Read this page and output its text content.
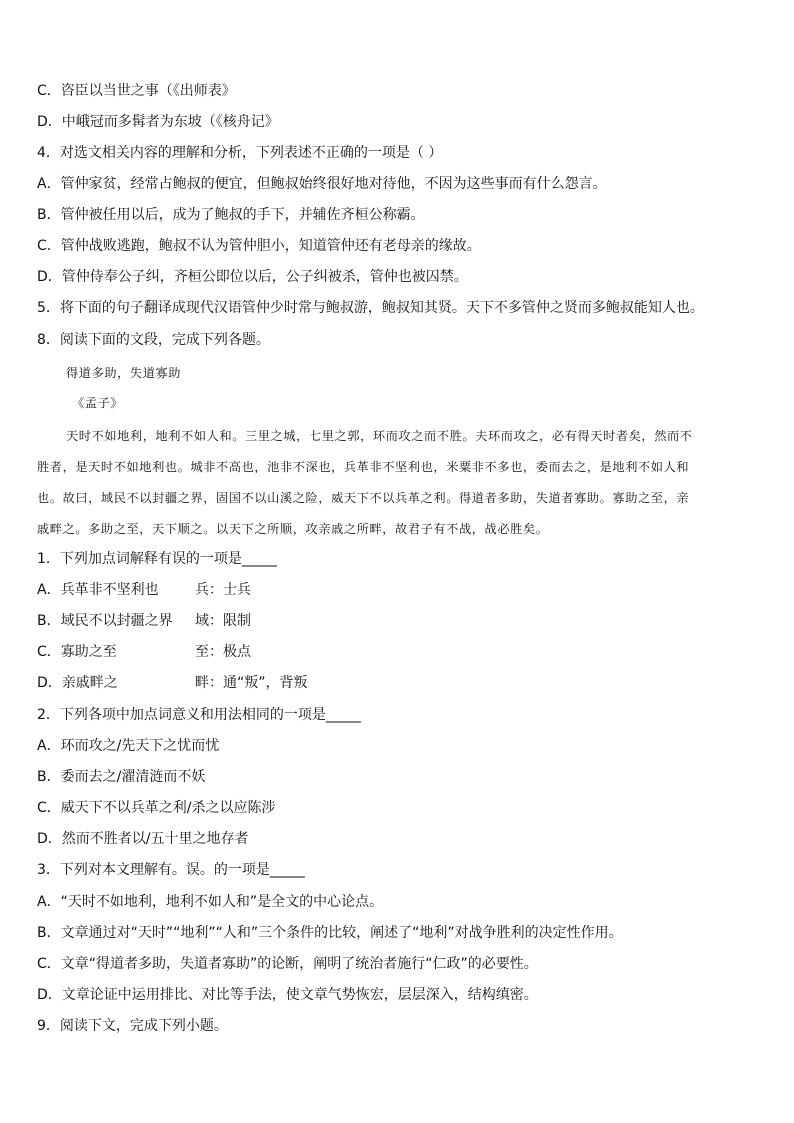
C．咨臣以当世之事（《出师表》
D．中峨冠而多髯者为东坡（《核舟记》
4．对选文相关内容的理解和分析，下列表述不正确的一项是（ ）
A．管仲家贫，经常占鲍叔的便宜，但鲍叔始终很好地对待他，不因为这些事而有什么怨言。
B．管仲被任用以后，成为了鲍叔的手下，并辅佐齐桓公称霸。
C．管仲战败逃跑，鲍叔不认为管仲胆小，知道管仲还有老母亲的缘故。
D．管仲侍奉公子纠，齐桓公即位以后，公子纠被杀，管仲也被囚禁。
5．将下面的句子翻译成现代汉语管仲少时常与鲍叔游，鲍叔知其贤。天下不多管仲之贤而多鲍叔能知人也。
8．阅读下面的文段，完成下列各题。
得道多助，失道寡助
《孟子》
天时不如地利，地利不如人和。三里之城，七里之郭，环而攻之而不胜。夫环而攻之，必有得天时者矣，然而不
胜者，是天时不如地利也。城非不高也，池非不深也，兵革非不坚利也，米粟非不多也，委而去之，是地利不如人和
也。故曰，域民不以封疆之界，固国不以山溪之险，威天下不以兵革之利。得道者多助，失道者寡助。寡助之至，亲
戚畔之。多助之至，天下顺之。以天下之所顺，攻亲戚之所畔，故君子有不战，战必胜矣。
1．下列加点词解释有误的一项是_____
A．兵革非不坚利也	兵：士兵
B．域民不以封疆之界 域：限制
C．寡助之至	至：极点
D．亲戚畔之	畔：通“叛”，背叛
2．下列各项中加点词意义和用法相同的一项是_____
A．环而攻之/先天下之忧而忧
B．委而去之/濯清涟而不妖
C．威天下不以兵革之利/杀之以应陈涉
D．然而不胜者以/五十里之地存者
3．下列对本文理解有。误。的一项是_____
A．“天时不如地利，地利不如人和”是全文的中心论点。
B．文章通过对“天时”“地利”“人和”三个条件的比较，阐述了“地利”对战争胜利的决定性作用。
C．文章“得道者多助，失道者寡助”的论断，阐明了统治者施行“仁政”的必要性。
D．文章论证中运用排比、对比等手法，使文章气势恢宏，层层深入，结构缜密。
9．阅读下文，完成下列小题。
